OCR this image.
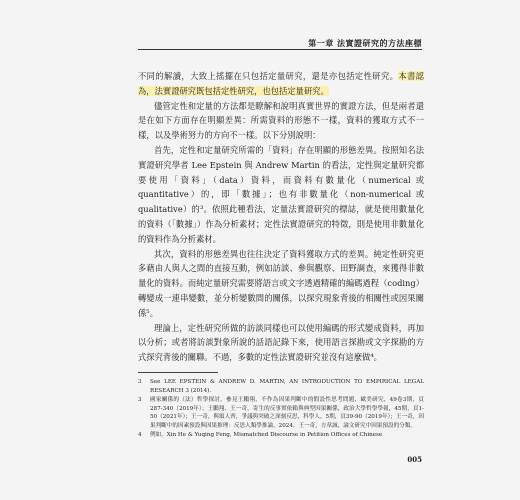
第一章 法實證研究的方法座標

不同的解讀，大致上搖擺在只包括定量研究，還是亦包括定性研究。本書認為，法實證研究既包括定性研究，也包括定量研究。

儘管定性和定量的方法都是瞭解和說明真實世界的實證方法，但是兩者還是在如下方面存在明顯差異：所需資料的形態不一樣，資料的獲取方式不一樣，以及學術努力的方向不一樣。以下分別說明：

首先，定性和定量研究所需的「資料」存在明顯的形態差異。按照知名法實證研究學者 Lee Epstein 與 Andrew Martin 的看法，定性與定量研究都要使用「資料」（data）資料，而資料有數量化（numerical 或 quantitative）的，即「數據」；也有非數量化（non-numerical 或 qualitative）的³。依照此種看法，定量法實證研究的標誌，就是使用數量化的資料（「數據」）作為分析素材；定性法實證研究的特徵，則是使用非數量化的資料作為分析素材。

其次，資料的形態差異也往往決定了資料獲取方式的差異。純定性研究更多藉由人與人之間的直接互動，例如訪談、參與觀察、田野調查，來獲得非數量化的資料。而純定量研究需要將語言或文字透過精確的編碼過程（coding）轉變成一連串變數，並分析變數間的關係，以探究現象背後的相關性或因果關係⁵。

理論上，定性研究所做的訪談同樣也可以使用編碼的形式變成資料，再加以分析；或者將訪談對象所說的話語記錄下來，使用語言探勘或文字探勘的方式探究背後的關聯。不過，多數的定性法實證研究並沒有這麼做⁴。

3	See LEE EPSTEIN & ANDREW D. MARTIN, AN INTRODUCTION TO EMPIRICAL LEGAL RESEARCH 3 (2014).
3	國家關係的（法）哲學探討，參見王鵬翔，不作為因果判斷中的假設性思考問題，歐美研究，49卷3期，頁287-340（2019年）；王鵬翔、王一奇，寄生的反事實依賴與典型因果關係，政治大學哲學學報，45期，頁1-50（2021年）；王一奇，與頌人齊，爭議與突破之深刻反思，科學人，5期，頁39-90（2019年）；王一奇，因果判斷中的因素預設與因果推理：反思人類學推論，2024。王一奇，方韋誠，論文研究中因果預設的分類。
4	例如，Xin He & Yuqing Feng, Mismatched Discourse in Petition Offices of Chinese
005
